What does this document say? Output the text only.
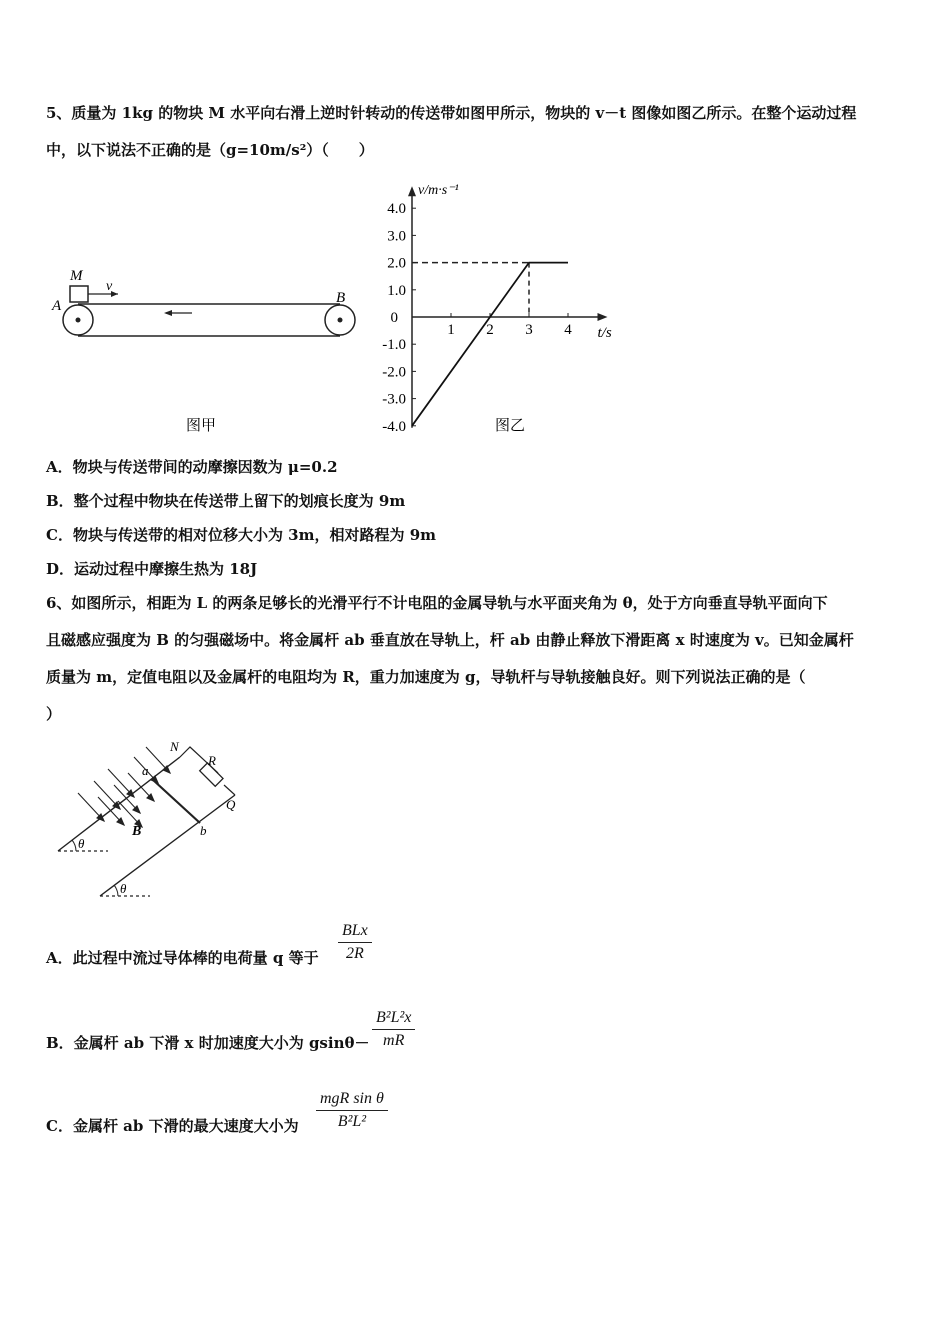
5、质量为 1kg 的物块 M 水平向右滑上逆时针转动的传送带如图甲所示，物块的 v－t 图像如图乙所示。在整个运动过程
中，以下说法不正确的是（g=10m/s²）（　　）
M
v
A	B
图甲
4.0
3.0
2.0
1.0
-1.0
-2.0
-3.0
-4.0
1 2 3 4
0
v/m·s⁻¹
t/s
图乙
A．物块与传送带间的动摩擦因数为 μ=0.2
B．整个过程中物块在传送带上留下的划痕长度为 9m
C．物块与传送带的相对位移大小为 3m，相对路程为 9m
D．运动过程中摩擦生热为 18J
6、如图所示，相距为 L 的两条足够长的光滑平行不计电阻的金属导轨与水平面夹角为 θ，处于方向垂直导轨平面向下
且磁感应强度为 B 的匀强磁场中。将金属杆 ab 垂直放在导轨上，杆 ab 由静止释放下滑距离 x 时速度为 v。已知金属杆
质量为 m，定值电阻以及金属杆的电阻均为 R，重力加速度为 g，导轨杆与导轨接触良好。则下列说法正确的是（
）
θ
θ
a
b
N
R
Q
B
A．此过程中流过导体棒的电荷量 q 等于
BLx
2R
B．金属杆 ab 下滑 x 时加速度大小为 gsinθ－
B²L²x
mR
C．金属杆 ab 下滑的最大速度大小为
mgR sin θ
B²L²
